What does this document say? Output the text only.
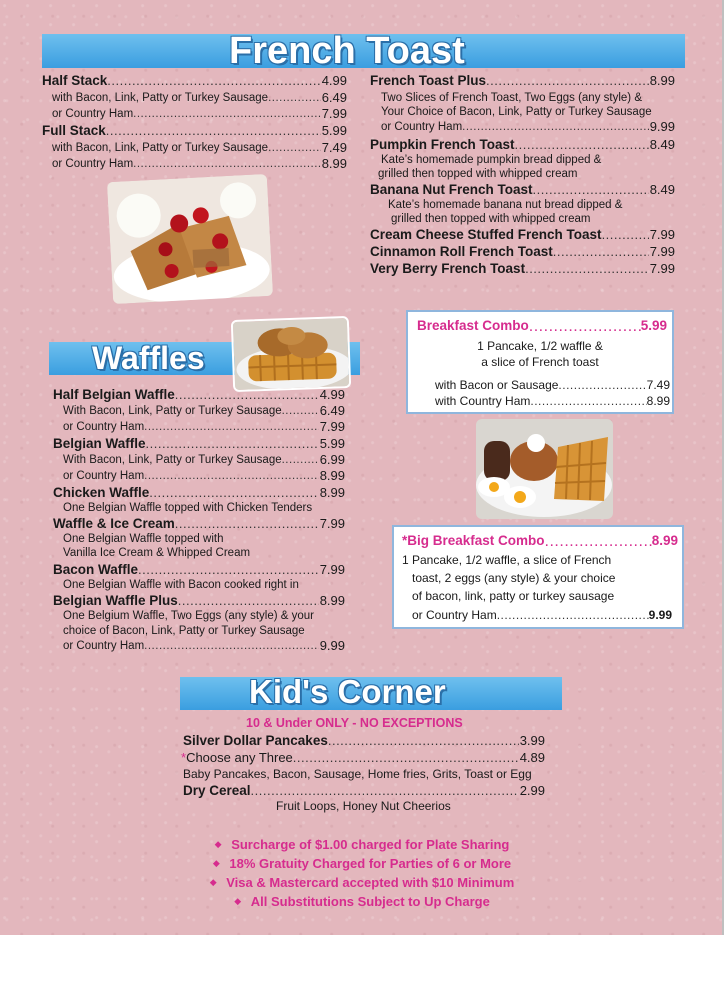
French Toast
Half Stack .....	4.99
with Bacon, Link, Patty or Turkey Sausage .....	6.49
or Country Ham .....	7.99
Full Stack .....	5.99
with Bacon, Link, Patty or Turkey Sausage .....	7.49
or Country Ham .....	8.99
French Toast Plus .....	8.99
Two Slices of French Toast, Two Eggs (any style) &
Your Choice of Bacon, Link, Patty or Turkey Sausage
or Country Ham .....	9.99
Pumpkin French Toast .....	8.49
Kate’s homemade pumpkin bread dipped &
grilled then topped with whipped cream
Banana Nut French Toast .....	8.49
Kate’s homemade banana nut bread dipped &
grilled then topped with whipped cream
Cream Cheese Stuffed French Toast .....	7.99
Cinnamon Roll French Toast .....	7.99
Very Berry French Toast .....	7.99
Waffles
Half Belgian Waffle .....	4.99
With Bacon, Link, Patty or Turkey Sausage .....	6.49
or Country Ham .....	7.99
Belgian Waffle .....	5.99
With Bacon, Link, Patty or Turkey Sausage .....	6.99
or Country Ham .....	8.99
Chicken Waffle .....	8.99
One Belgian Waffle topped with Chicken Tenders
Waffle & Ice Cream .....	7.99
One Belgian Waffle topped with
Vanilla Ice Cream & Whipped Cream
Bacon Waffle .....	7.99
One Belgian Waffle with Bacon cooked right in
Belgian Waffle Plus .....	8.99
One Belgium Waffle, Two Eggs (any style) & your
choice of Bacon, Link, Patty or Turkey Sausage
or Country Ham .....	9.99
Breakfast Combo .....	5.99
1 Pancake, 1/2 waffle &
a slice of French toast
with Bacon or Sausage .....	7.49
with Country Ham .....	8.99
*Big Breakfast Combo .....	8.99
1 Pancake, 1/2 waffle, a slice of French
toast, 2 eggs (any style) & your choice
of bacon, link, patty or turkey sausage
or Country Ham .....	9.99
Kid's Corner
10 & Under ONLY - NO EXCEPTIONS
Silver Dollar Pancakes .....	3.99
* Choose any Three .....	4.89
Baby Pancakes, Bacon, Sausage, Home fries, Grits, Toast or Egg
Dry Cereal .....	2.99
Fruit Loops, Honey Nut Cheerios
◆ Surcharge of $1.00 charged for Plate Sharing
◆ 18% Gratuity Charged for Parties of 6 or More
◆ Visa & Mastercard accepted with $10 Minimum
◆ All Substitutions Subject to Up Charge
